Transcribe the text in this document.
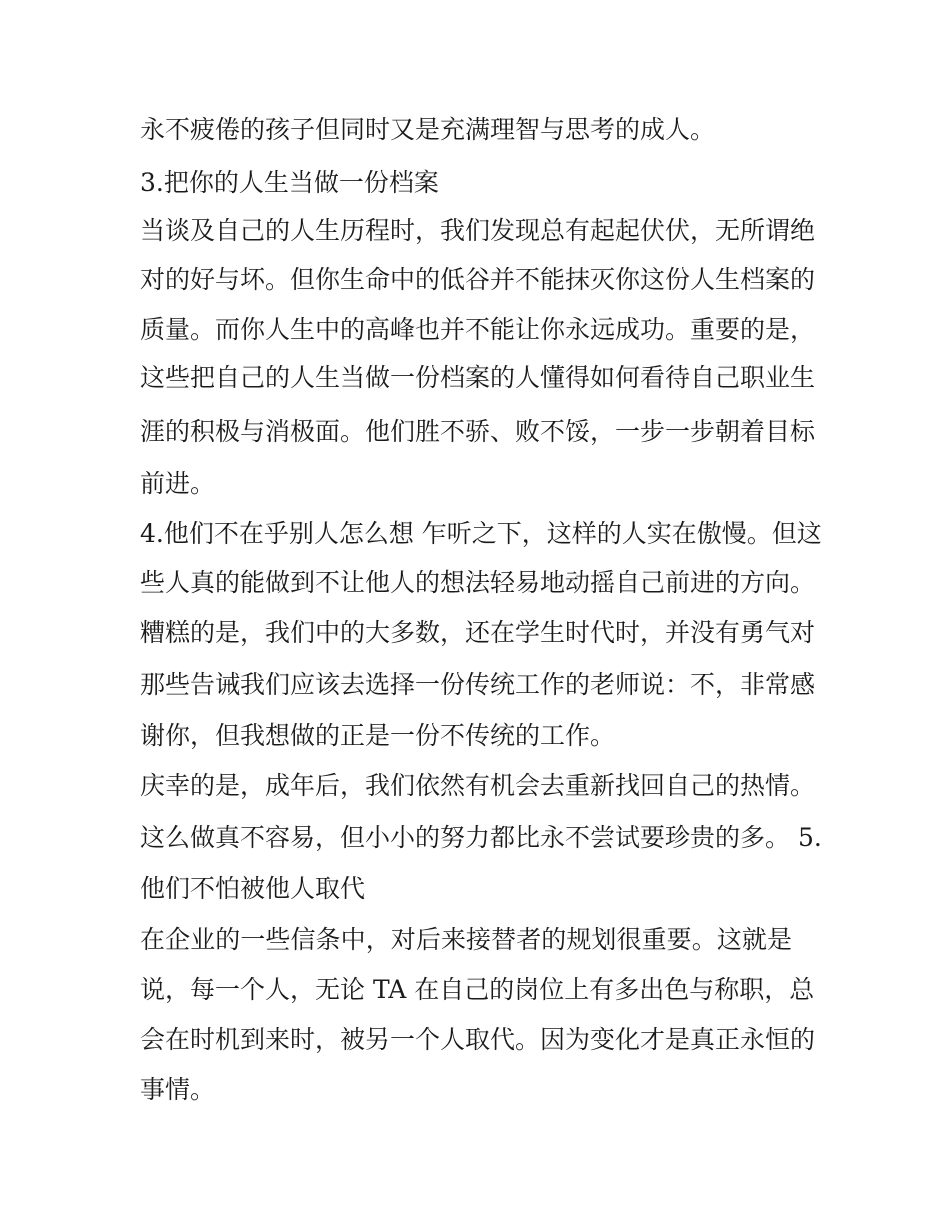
永不疲倦的孩子但同时又是充满理智与思考的成人。
3.把你的人生当做一份档案
当谈及自己的人生历程时，我们发现总有起起伏伏，无所谓绝
对的好与坏。但你生命中的低谷并不能抹灭你这份人生档案的
质量。而你人生中的高峰也并不能让你永远成功。重要的是，
这些把自己的人生当做一份档案的人懂得如何看待自己职业生
涯的积极与消极面。他们胜不骄、败不馁，一步一步朝着目标
前进。
4.他们不在乎别人怎么想 乍听之下，这样的人实在傲慢。但这
些人真的能做到不让他人的想法轻易地动摇自己前进的方向。
糟糕的是，我们中的大多数，还在学生时代时，并没有勇气对
那些告诫我们应该去选择一份传统工作的老师说：不，非常感
谢你，但我想做的正是一份不传统的工作。
庆幸的是，成年后，我们依然有机会去重新找回自己的热情。
这么做真不容易，但小小的努力都比永不尝试要珍贵的多。 5.
他们不怕被他人取代
在企业的一些信条中，对后来接替者的规划很重要。这就是
说，每一个人，无论 TA 在自己的岗位上有多出色与称职，总
会在时机到来时，被另一个人取代。因为变化才是真正永恒的
事情。
